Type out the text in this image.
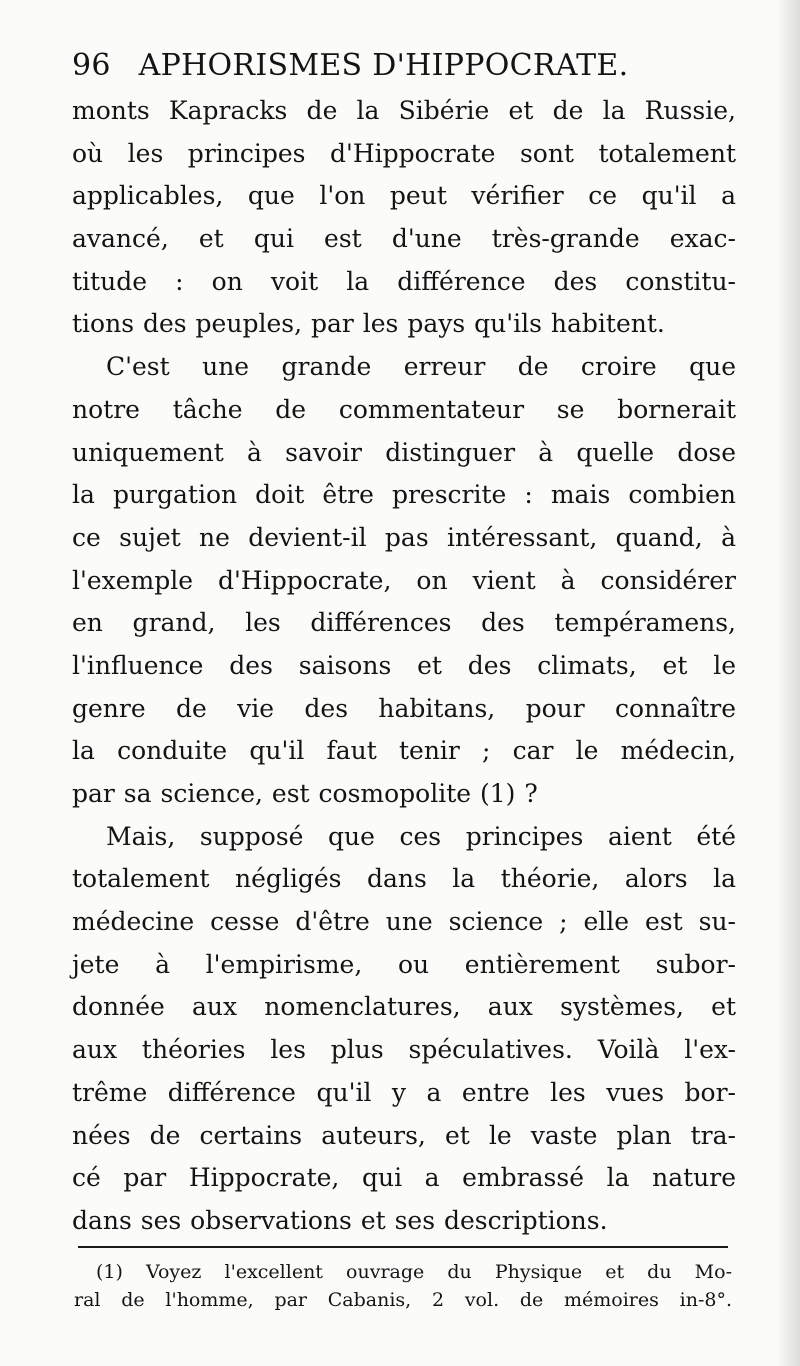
96 APHORISMES D'HIPPOCRATE.
monts Kapracks de la Sibérie et de la Russie,
où les principes d'Hippocrate sont totalement
applicables, que l'on peut vérifier ce qu'il a
avancé, et qui est d'une très-grande exac-
titude : on voit la différence des constitu-
tions des peuples, par les pays qu'ils habitent.
C'est une grande erreur de croire que
notre tâche de commentateur se bornerait
uniquement à savoir distinguer à quelle dose
la purgation doit être prescrite : mais combien
ce sujet ne devient-il pas intéressant, quand, à
l'exemple d'Hippocrate, on vient à considérer
en grand, les différences des tempéramens,
l'influence des saisons et des climats, et le
genre de vie des habitans, pour connaître
la conduite qu'il faut tenir ; car le médecin,
par sa science, est cosmopolite (1) ?
Mais, supposé que ces principes aient été
totalement négligés dans la théorie, alors la
médecine cesse d'être une science ; elle est su-
jete à l'empirisme, ou entièrement subor-
donnée aux nomenclatures, aux systèmes, et
aux théories les plus spéculatives. Voilà l'ex-
trême différence qu'il y a entre les vues bor-
nées de certains auteurs, et le vaste plan tra-
cé par Hippocrate, qui a embrassé la nature
dans ses observations et ses descriptions.
(1) Voyez l'excellent ouvrage du Physique et du Mo-
ral de l'homme, par Cabanis, 2 vol. de mémoires in-8°.
